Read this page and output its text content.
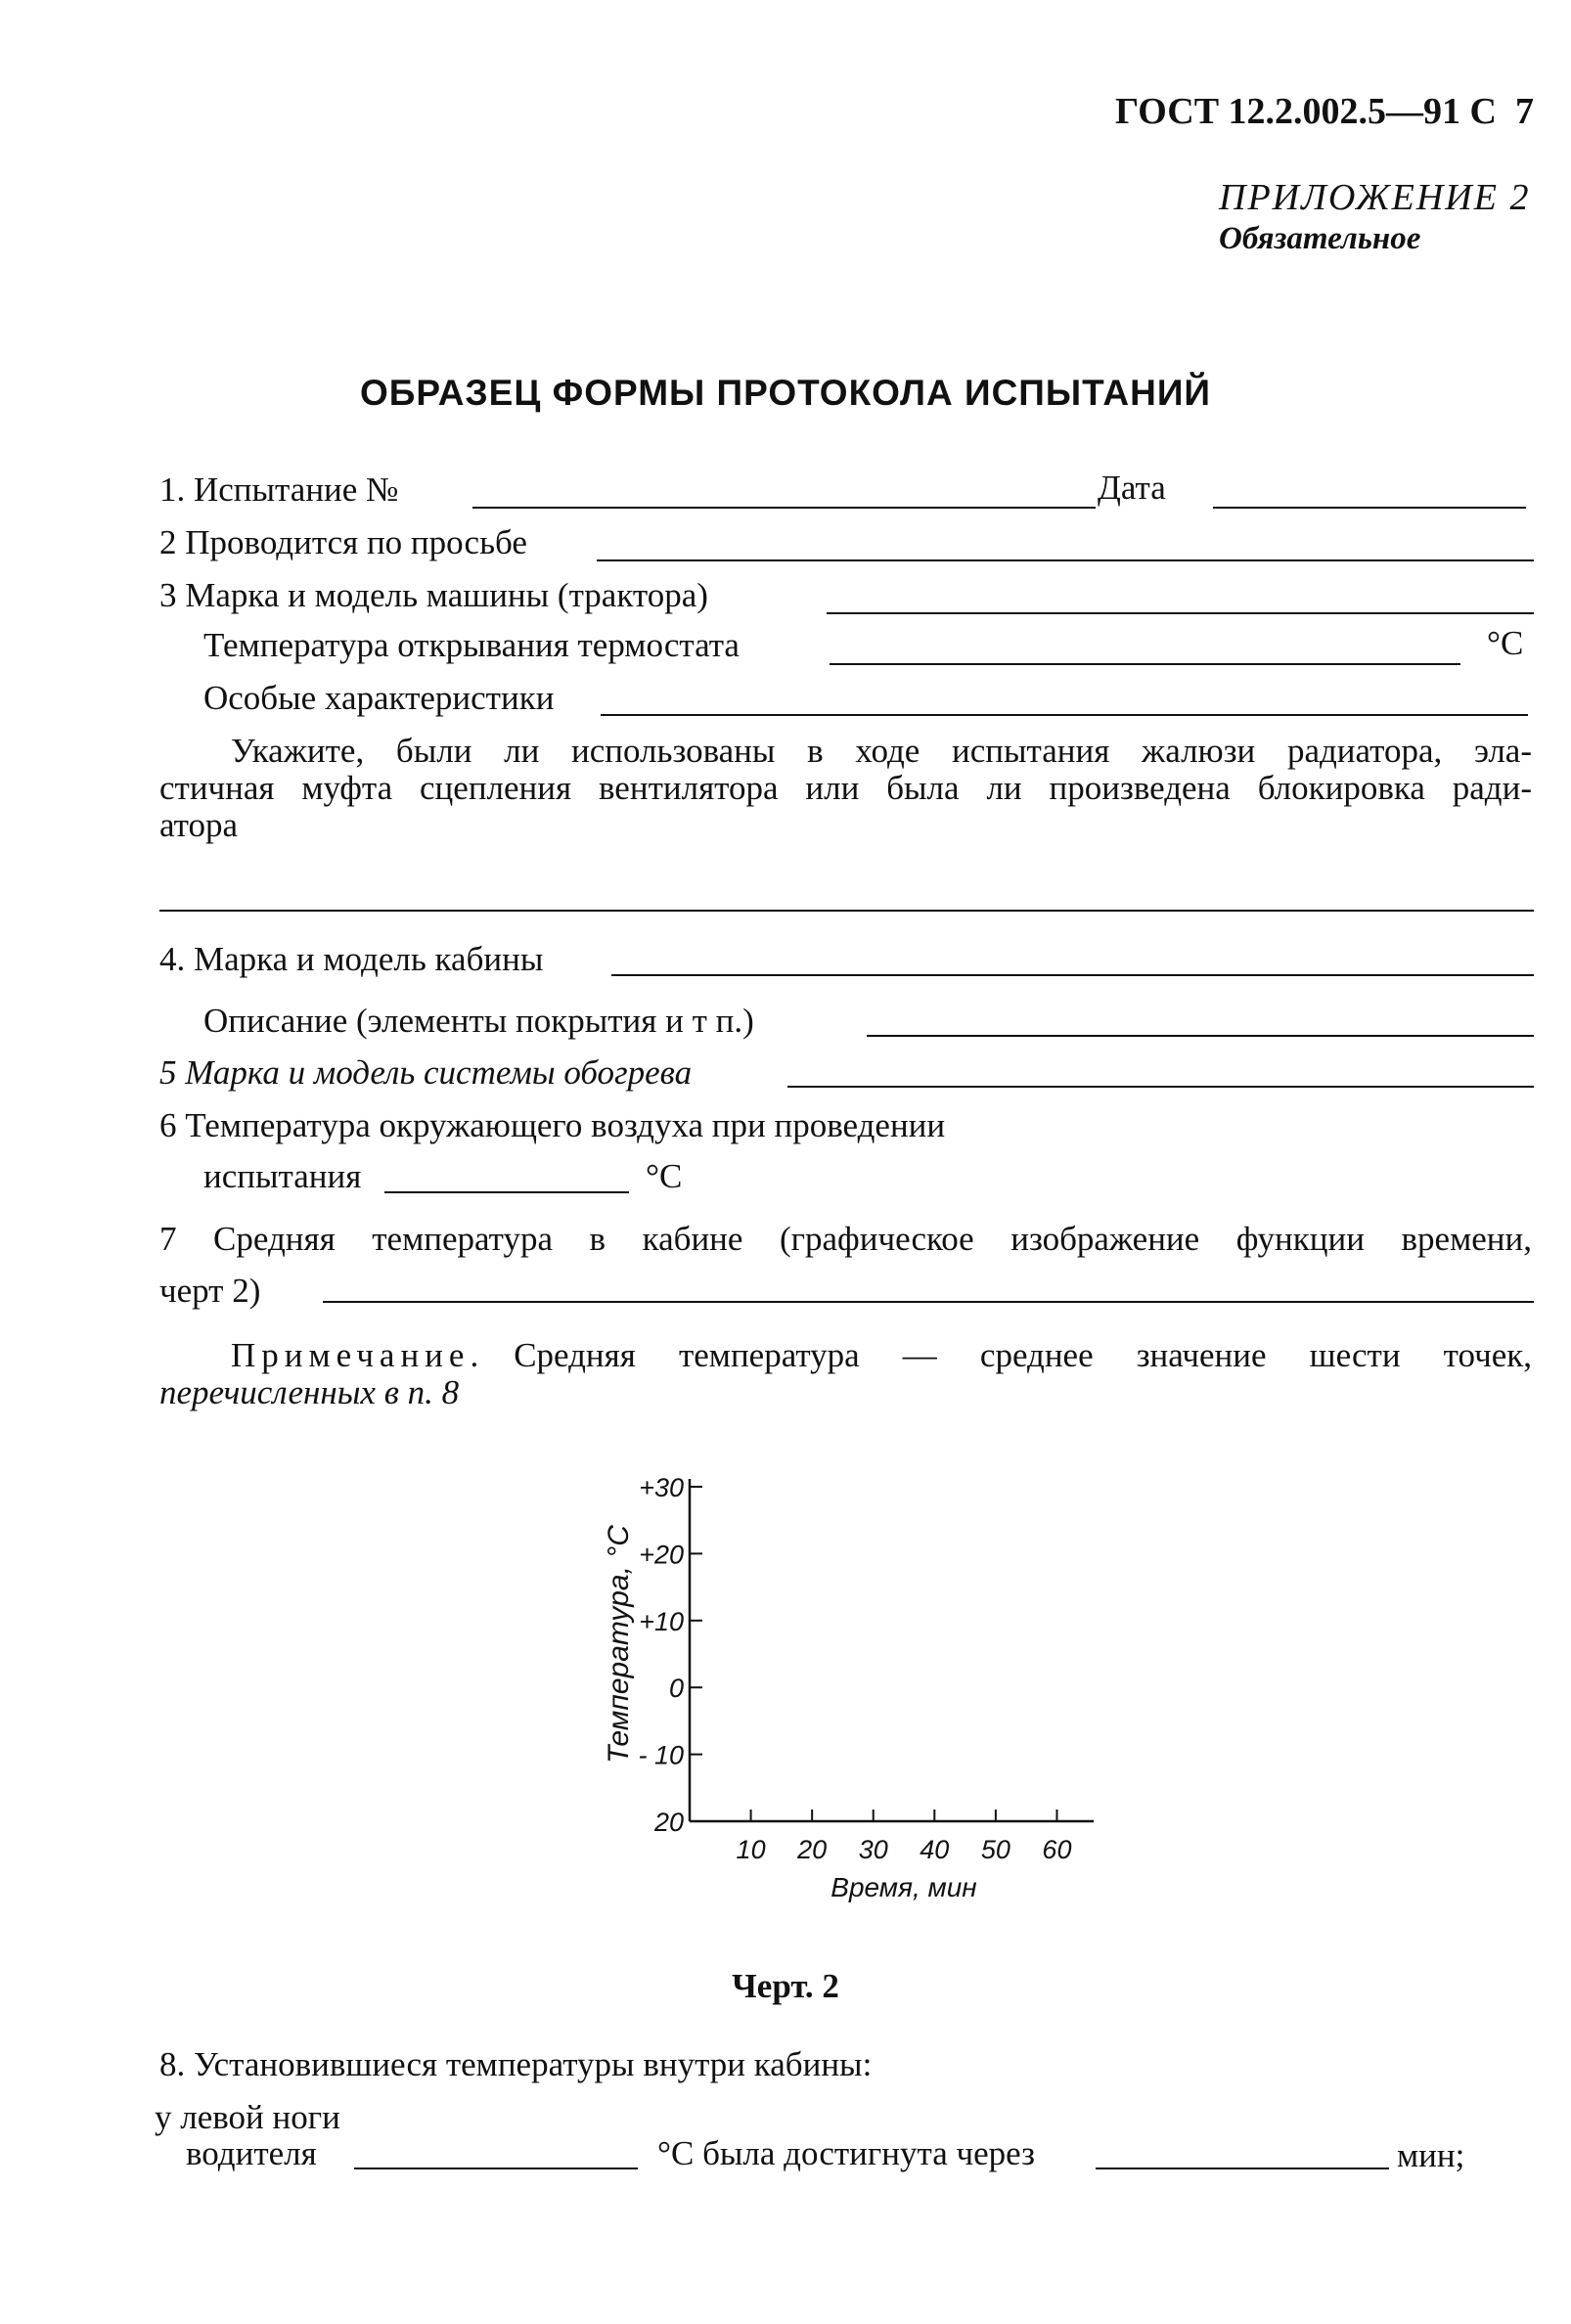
ГОСТ 12.2.002.5—91 С 7
ПРИЛОЖЕНИЕ 2
Обязательное
ОБРАЗЕЦ ФОРМЫ ПРОТОКОЛА ИСПЫТАНИЙ
1. Испытание №	Дата
2 Проводится по просьбе
3 Марка и модель машины (трактора)
Температура открывания термостата	°С
Особые характеристики
Укажите, были ли использованы в ходе испытания жалюзи радиатора, эла-
стичная муфта сцепления вентилятора или была ли произведена блокировка ради-
атора
4. Марка и модель кабины
Описание (элементы покрытия и т п.)
5 Марка и модель системы обогрева
6 Температура окружающего воздуха при проведении
испытания	°С
7 Средняя температура в кабине (графическое изображение функции времени,
черт 2)
Примечание. Средняя температура — среднее значение шести точек,
перечисленных в п. 8
+30
+20
+10
0
- 10
20
10 20 30 40 50 60
Время, мин
Температура, °С
Черт. 2
8. Установившиеся температуры внутри кабины:
у левой ноги
водителя	°С была достигнута через	мин;
